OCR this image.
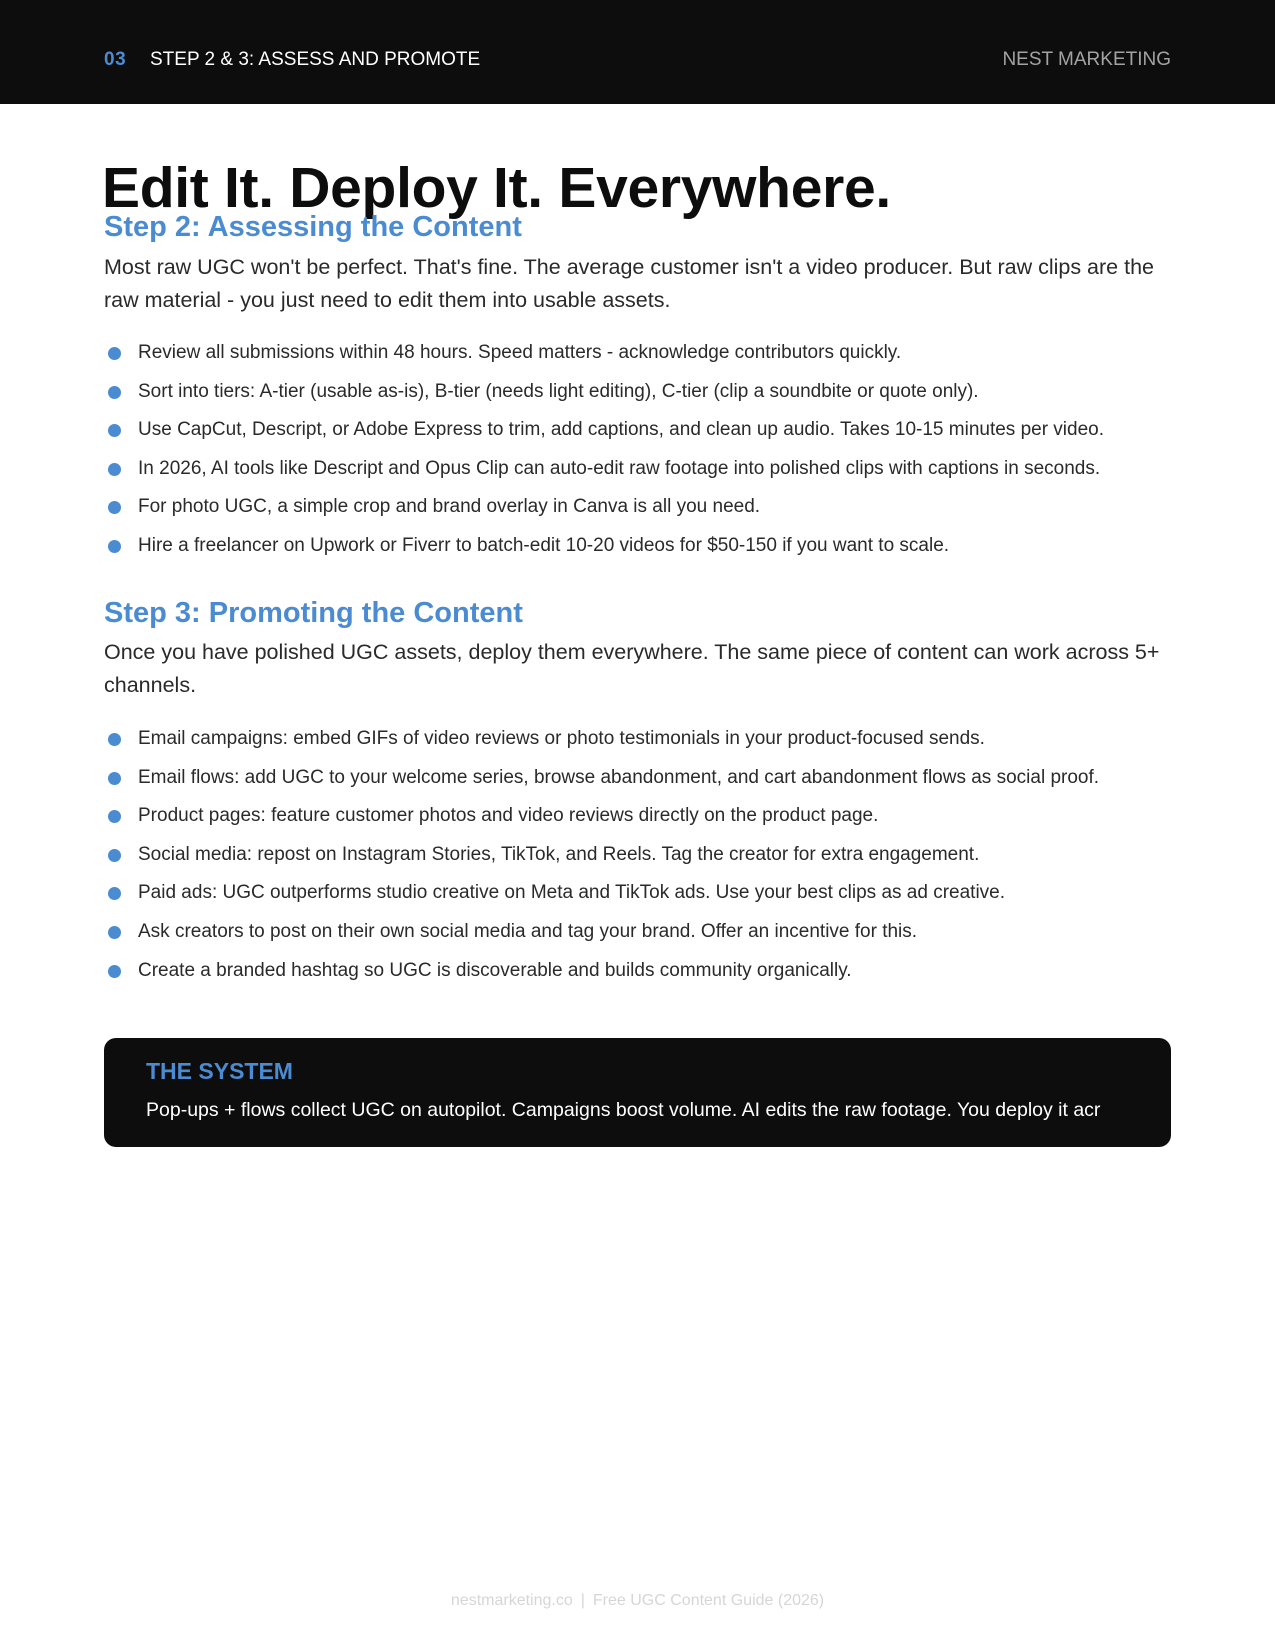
03 STEP 2 & 3: ASSESS AND PROMOTE	NEST MARKETING
Edit It. Deploy It. Everywhere.
Step 2: Assessing the Content

Most raw UGC won't be perfect. That's fine. The average customer isn't a video producer. But raw clips are the raw material - you just need to edit them into usable assets.

Review all submissions within 48 hours. Speed matters - acknowledge contributors quickly.
Sort into tiers: A-tier (usable as-is), B-tier (needs light editing), C-tier (clip a soundbite or quote only).
Use CapCut, Descript, or Adobe Express to trim, add captions, and clean up audio. Takes 10-15 minutes per video.
In 2026, AI tools like Descript and Opus Clip can auto-edit raw footage into polished clips with captions in seconds.
For photo UGC, a simple crop and brand overlay in Canva is all you need.
Hire a freelancer on Upwork or Fiverr to batch-edit 10-20 videos for $50-150 if you want to scale.
Step 3: Promoting the Content

Once you have polished UGC assets, deploy them everywhere. The same piece of content can work across 5+ channels.

Email campaigns: embed GIFs of video reviews or photo testimonials in your product-focused sends.
Email flows: add UGC to your welcome series, browse abandonment, and cart abandonment flows as social proof.
Product pages: feature customer photos and video reviews directly on the product page.
Social media: repost on Instagram Stories, TikTok, and Reels. Tag the creator for extra engagement.
Paid ads: UGC outperforms studio creative on Meta and TikTok ads. Use your best clips as ad creative.
Ask creators to post on their own social media and tag your brand. Offer an incentive for this.
Create a branded hashtag so UGC is discoverable and builds community organically.
THE SYSTEM
Pop-ups + flows collect UGC on autopilot. Campaigns boost volume. AI edits the raw footage. You deploy it acr
nestmarketing.co | Free UGC Content Guide (2026)
